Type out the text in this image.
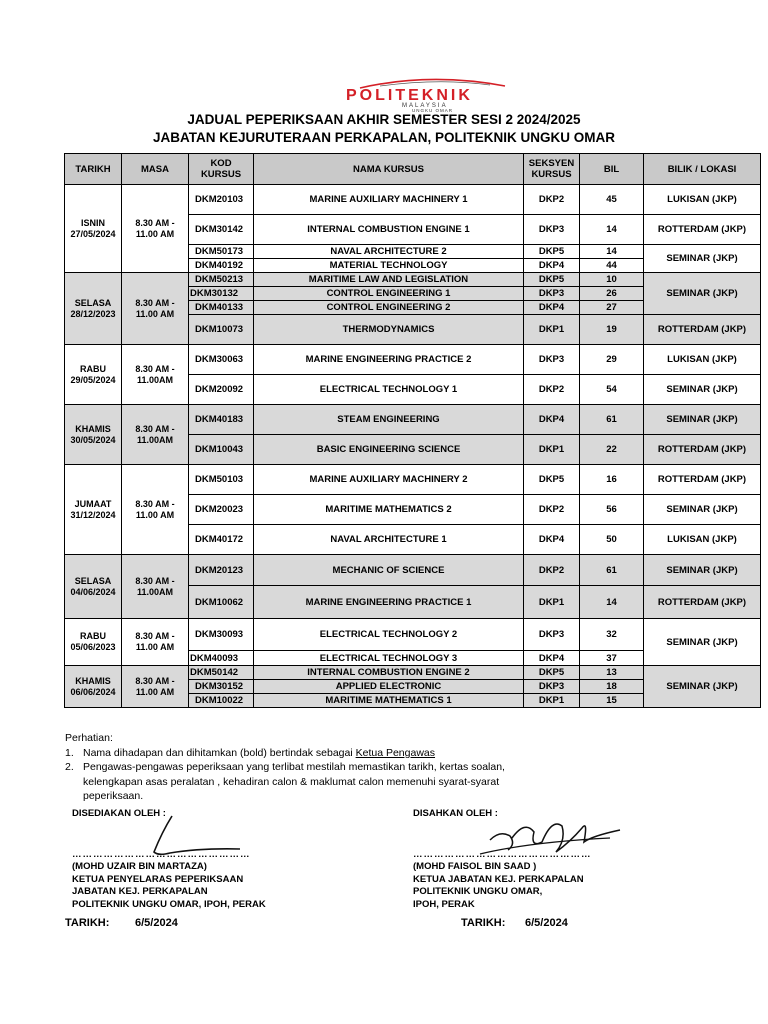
POLITEKNIK
MALAYSIA
UNGKU OMAR
JADUAL PEPERIKSAAN AKHIR SEMESTER SESI 2 2024/2025
JABATAN KEJURUTERAAN PERKAPALAN, POLITEKNIK UNGKU OMAR
TARIKH	MASA	KOD KURSUS	NAMA KURSUS	SEKSYEN KURSUS	BIL	BILIK / LOKASI
ISNIN
27/05/2024	8.30 AM - 11.00 AM	DKM20103	MARINE AUXILIARY MACHINERY 1	DKP2	45	LUKISAN (JKP)
		DKM30142	INTERNAL COMBUSTION ENGINE 1	DKP3	14	ROTTERDAM (JKP)
		DKM50173	NAVAL ARCHITECTURE 2	DKP5	14	SEMINAR (JKP)
		DKM40192	MATERIAL TECHNOLOGY	DKP4	44	
SELASA
28/12/2023	8.30 AM - 11.00 AM	DKM50213	MARITIME LAW AND LEGISLATION	DKP5	10	SEMINAR (JKP)
		DKM30132	CONTROL ENGINEERING 1	DKP3	26	
		DKM40133	CONTROL ENGINEERING 2	DKP4	27	
		DKM10073	THERMODYNAMICS	DKP1	19	ROTTERDAM (JKP)
RABU
29/05/2024	8.30 AM - 11.00AM	DKM30063	MARINE ENGINEERING PRACTICE 2	DKP3	29	LUKISAN (JKP)
		DKM20092	ELECTRICAL TECHNOLOGY 1	DKP2	54	SEMINAR (JKP)
KHAMIS
30/05/2024	8.30 AM - 11.00AM	DKM40183	STEAM ENGINEERING	DKP4	61	SEMINAR (JKP)
		DKM10043	BASIC ENGINEERING SCIENCE	DKP1	22	ROTTERDAM (JKP)
JUMAAT
31/12/2024	8.30 AM - 11.00 AM	DKM50103	MARINE AUXILIARY MACHINERY 2	DKP5	16	ROTTERDAM (JKP)
		DKM20023	MARITIME MATHEMATICS 2	DKP2	56	SEMINAR (JKP)
		DKM40172	NAVAL ARCHITECTURE 1	DKP4	50	LUKISAN (JKP)
SELASA
04/06/2024	8.30 AM - 11.00AM	DKM20123	MECHANIC OF SCIENCE	DKP2	61	SEMINAR (JKP)
		DKM10062	MARINE ENGINEERING PRACTICE 1	DKP1	14	ROTTERDAM (JKP)
RABU
05/06/2023	8.30 AM - 11.00 AM	DKM30093	ELECTRICAL TECHNOLOGY 2	DKP3	32	SEMINAR (JKP)
		DKM40093	ELECTRICAL TECHNOLOGY 3	DKP4	37	
KHAMIS
06/06/2024	8.30 AM - 11.00 AM	DKM50142	INTERNAL COMBUSTION ENGINE 2	DKP5	13	SEMINAR (JKP)
		DKM30152	APPLIED ELECTRONIC	DKP3	18	
		DKM10022	MARITIME MATHEMATICS 1	DKP1	15	
Perhatian:
1. Nama dihadapan dan dihitamkan (bold) bertindak sebagai Ketua Pengawas
2. Pengawas-pengawas peperiksaan yang terlibat mestilah memastikan tarikh, kertas soalan, kelengkapan asas peralatan , kehadiran calon & maklumat calon memenuhi syarat-syarat peperiksaan.
DISEDIAKAN OLEH :
……………………………………………
(MOHD UZAIR BIN MARTAZA)
KETUA PENYELARAS PEPERIKSAAN
JABATAN KEJ. PERKAPALAN
POLITEKNIK UNGKU OMAR, IPOH, PERAK
DISAHKAN OLEH :
……………………………………………
(MOHD FAISOL BIN SAAD )
KETUA JABATAN KEJ. PERKAPALAN
POLITEKNIK UNGKU OMAR,
IPOH, PERAK
TARIKH: 6/5/2024	TARIKH: 6/5/2024
